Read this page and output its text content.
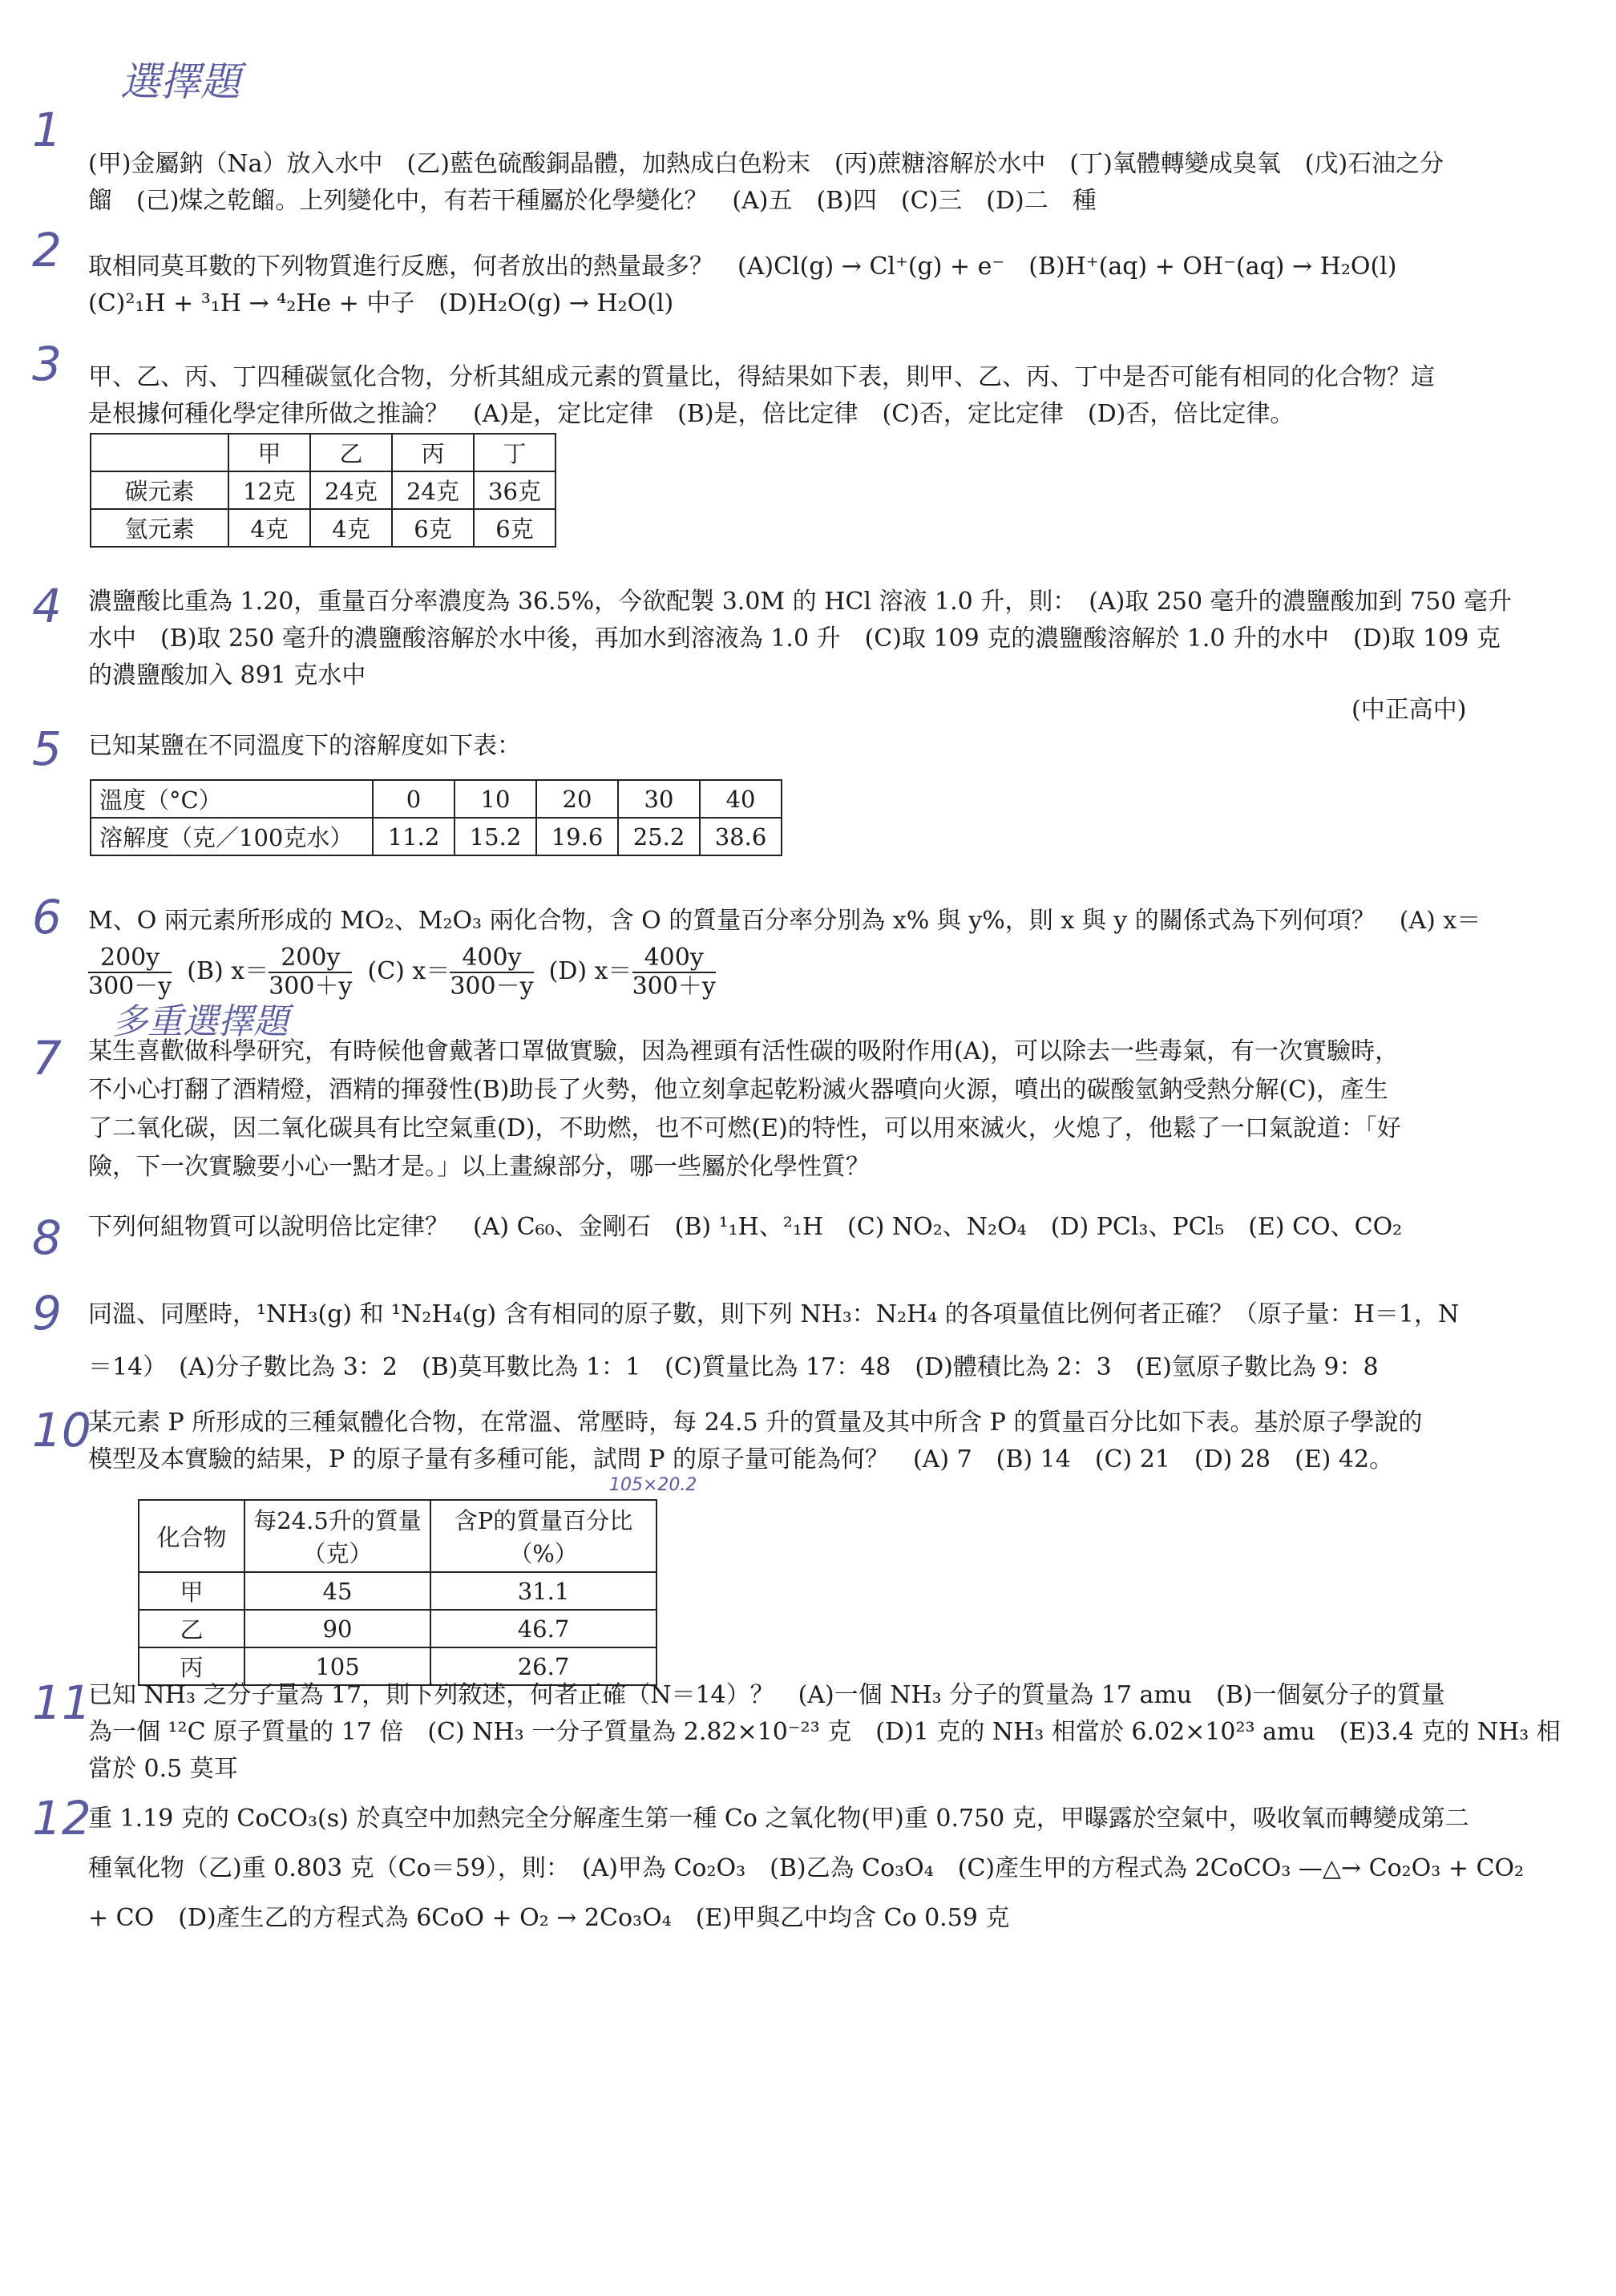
選擇題
多重選擇題
105×20.2
1
2
3
4
5
6
7
8
9
10
11
12

(甲)金屬鈉（Na）放入水中　(乙)藍色硫酸銅晶體，加熱成白色粉末　(丙)蔗糖溶解於水中　(丁)氧體轉變成臭氧　(戊)石油之分

餾　(己)煤之乾餾。上列變化中，有若干種屬於化學變化？　(A)五　(B)四　(C)三　(D)二　種

取相同莫耳數的下列物質進行反應，何者放出的熱量最多？　(A)Cl(g) → Cl⁺(g) + e⁻　(B)H⁺(aq) + OH⁻(aq) → H₂O(l)

(C)²₁H + ³₁H → ⁴₂He + 中子　(D)H₂O(g) → H₂O(l)

甲、乙、丙、丁四種碳氫化合物，分析其組成元素的質量比，得結果如下表，則甲、乙、丙、丁中是否可能有相同的化合物？這

是根據何種化學定律所做之推論？　(A)是，定比定律　(B)是，倍比定律　(C)否，定比定律　(D)否，倍比定律。

	甲	乙	丙	丁
碳元素	12克	24克	24克	36克
氫元素	4克	4克	6克	6克

濃鹽酸比重為 1.20，重量百分率濃度為 36.5%，今欲配製 3.0M 的 HCl 溶液 1.0 升，則：　(A)取 250 毫升的濃鹽酸加到 750 毫升

水中　(B)取 250 毫升的濃鹽酸溶解於水中後，再加水到溶液為 1.0 升　(C)取 109 克的濃鹽酸溶解於 1.0 升的水中　(D)取 109 克

的濃鹽酸加入 891 克水中

(中正高中)

已知某鹽在不同溫度下的溶解度如下表：

溫度（°C）	0	10	20	30	40
溶解度（克／100克水）	11.2	15.2	19.6	25.2	38.6

M、O 兩元素所形成的 MO₂、M₂O₃ 兩化合物，含 O 的質量百分率分別為 x% 與 y%，則 x 與 y 的關係式為下列何項？　(A) x＝

$\frac{200y}{300-y} (B)$ $x= \frac{200y}{300+y} (C)$ $x= \frac{400y}{300-y} (D)$ $x= \frac{400y}{300+y}$

某生喜歡做科學研究，有時候他會戴著口罩做實驗，因為裡頭有活性碳的吸附作用(A)，可以除去一些毒氣，有一次實驗時，

不小心打翻了酒精燈，酒精的揮發性(B)助長了火勢，他立刻拿起乾粉滅火器噴向火源，噴出的碳酸氫鈉受熱分解(C)，產生

了二氧化碳，因二氧化碳具有比空氣重(D)，不助燃，也不可燃(E)的特性，可以用來滅火，火熄了，他鬆了一口氣說道：「好

險，下一次實驗要小心一點才是。」以上畫線部分，哪一些屬於化學性質？

下列何組物質可以說明倍比定律？　(A) C₆₀、金剛石　(B) ¹₁H、²₁H　(C) NO₂、N₂O₄　(D) PCl₃、PCl₅　(E) CO、CO₂

同溫、同壓時，¹NH₃(g) 和 ¹N₂H₄(g) 含有相同的原子數，則下列 NH₃：N₂H₄ 的各項量值比例何者正確？（原子量：H＝1，N

＝14）　(A)分子數比為 3：2　(B)莫耳數比為 1：1　(C)質量比為 17：48　(D)體積比為 2：3　(E)氫原子數比為 9：8

某元素 P 所形成的三種氣體化合物，在常溫、常壓時，每 24.5 升的質量及其中所含 P 的質量百分比如下表。基於原子學說的

模型及本實驗的結果，P 的原子量有多種可能，試問 P 的原子量可能為何？　(A) 7　(B) 14　(C) 21　(D) 28　(E) 42。

化合物	每24.5升的質量（克）	含P的質量百分比（%）
甲	45	31.1
乙	90	46.7
丙	105	26.7

已知 NH₃ 之分子量為 17，則下列敘述，何者正確（N＝14）？　(A)一個 NH₃ 分子的質量為 17 amu　(B)一個氨分子的質量

為一個 ¹²C 原子質量的 17 倍　(C) NH₃ 一分子質量為 2.82×10⁻²³ 克　(D)1 克的 NH₃ 相當於 6.02×10²³ amu　(E)3.4 克的 NH₃ 相

當於 0.5 莫耳

重 1.19 克的 CoCO₃(s) 於真空中加熱完全分解產生第一種 Co 之氧化物(甲)重 0.750 克，甲曝露於空氣中，吸收氧而轉變成第二

種氧化物（乙)重 0.803 克（Co＝59），則：　(A)甲為 Co₂O₃　(B)乙為 Co₃O₄　(C)產生甲的方程式為 2CoCO₃ —△→ Co₂O₃ + CO₂

+ CO　(D)產生乙的方程式為 6CoO + O₂ → 2Co₃O₄　(E)甲與乙中均含 Co 0.59 克
